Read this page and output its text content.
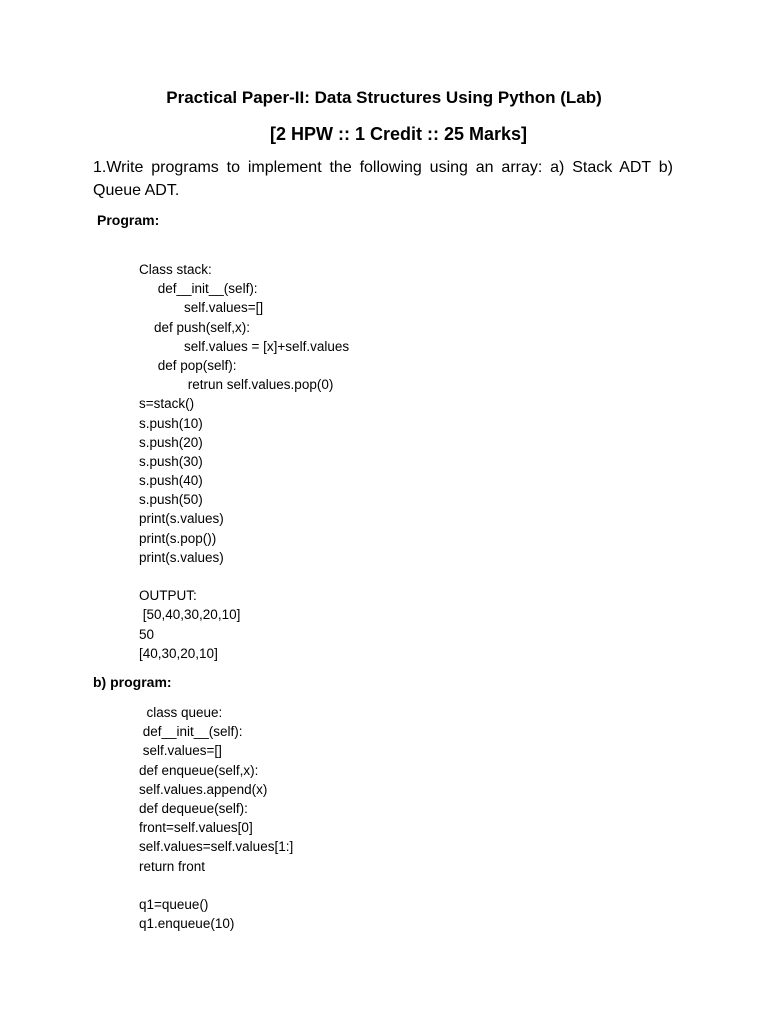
Practical Paper-II: Data Structures Using Python (Lab)
[2 HPW :: 1 Credit :: 25 Marks]

1.Write programs to implement the following using an array: a) Stack ADT b) Queue ADT.

Program:

Class stack:
def__init__(self):
self.values=[]
def push(self,x):
self.values = [x]+self.values
def pop(self):
retrun self.values.pop(0)
s=stack()
s.push(10)
s.push(20)
s.push(30)
s.push(40)
s.push(50)
print(s.values)
print(s.pop())
print(s.values)
OUTPUT:
[50,40,30,20,10]
50
[40,30,20,10]

b) program:

class queue:
def__init__(self):
self.values=[]
def enqueue(self,x):
self.values.append(x)
def dequeue(self):
front=self.values[0]
self.values=self.values[1:]
return front
q1=queue()
q1.enqueue(10)
